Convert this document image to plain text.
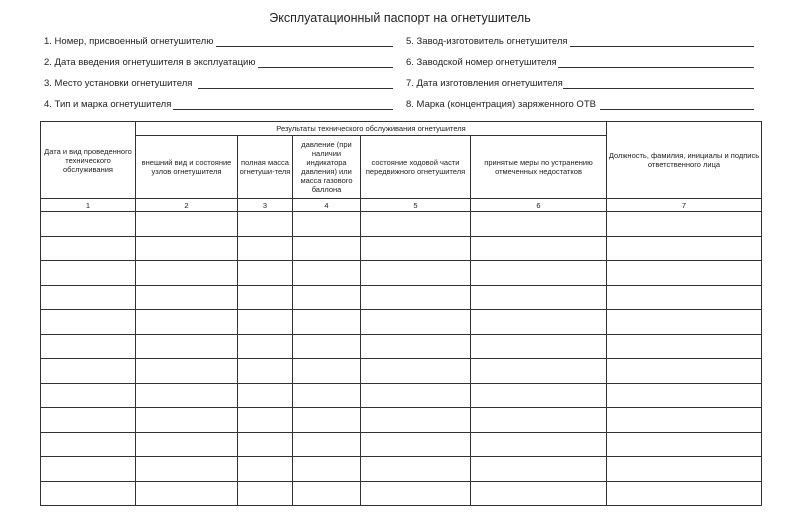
Эксплуатационный паспорт на огнетушитель
1. Номер, присвоенный огнетушителю
2. Дата введения огнетушителя в эксплуатацию
3. Место установки огнетушителя
4. Тип и марка огнетушителя
5. Завод-изготовитель огнетушителя
6. Заводской номер огнетушителя
7. Дата изготовления огнетушителя
8. Марка (концентрация) заряженного ОТВ
Дата и вид проведенного технического обслуживания	Результаты технического обслуживания огнетушителя					Должность, фамилия, инициалы и подпись ответственного лица
	внешний вид и состояние узлов огнетушителя	полная масса огнетуши-теля	давление (при наличии индикатора давления) или масса газового баллона	состояние ходовой части передвижного огнетушителя	принятые меры по устранению отмеченных недостатков	
1	2	3	4	5	6	7
